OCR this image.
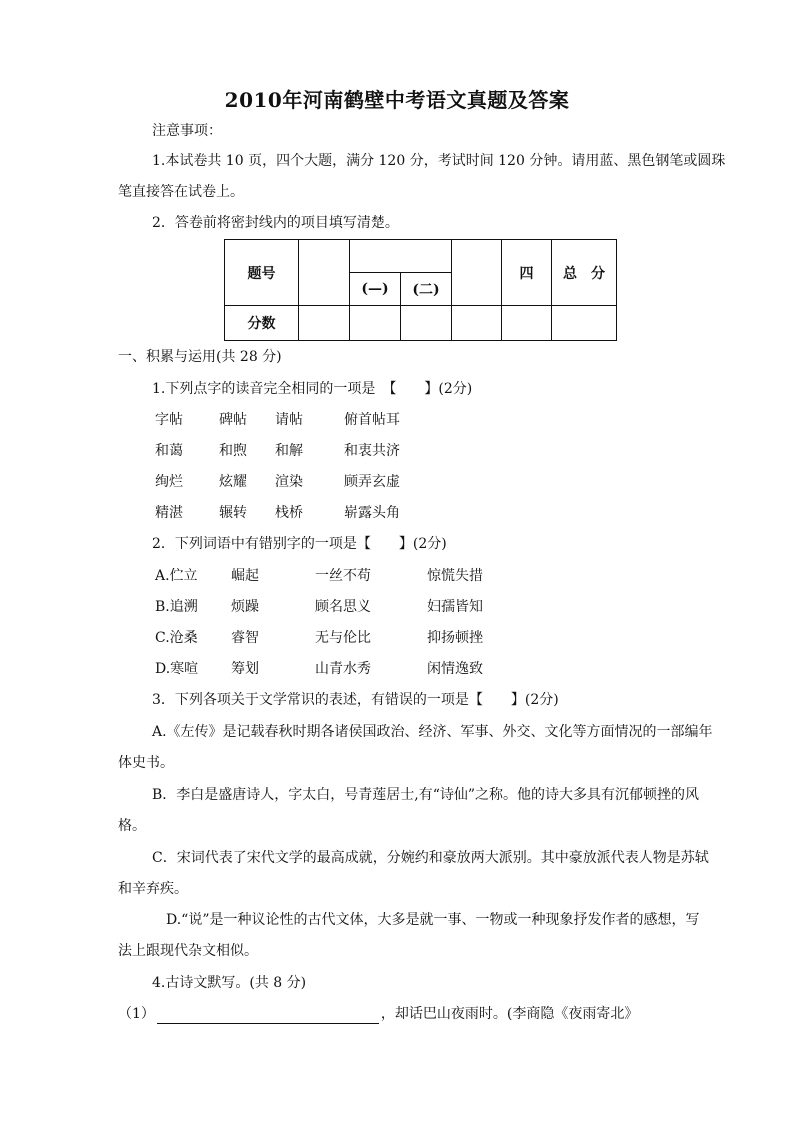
2010年河南鹤壁中考语文真题及答案
注意事项：
1.本试卷共 10 页，四个大题，满分 120 分，考试时间 120 分钟。请用蓝、黑色钢笔或圆珠
笔直接答在试卷上。
2．答卷前将密封线内的项目填写清楚。
题号					四	总　分
		(—)	(二)			
分数						
一、积累与运用(共 28 分)
1.下列点字的读音完全相同的一项是　【　　】(2分)
字帖	碑帖 请帖	俯首帖耳
和蔼	和煦 和解	和衷共济
绚烂	炫耀 渲染	顾弄玄虚
精湛	辗转 栈桥	崭露头角
2．下列词语中有错别字的一项是【　　】(2分)
A.伫立 崛起	一丝不苟	惊慌失措
B.追溯 烦躁	顾名思义	妇孺皆知
C.沧桑 睿智	无与伦比	抑扬顿挫
D.寒喧 筹划	山青水秀	闲情逸致
3．下列各项关于文学常识的表述，有错误的一项是【　　】(2分)
A.《左传》是记载春秋时期各诸侯国政治、经济、军事、外交、文化等方面情况的一部编年
体史书。
B．李白是盛唐诗人，字太白，号青莲居士,有“诗仙”之称。他的诗大多具有沉郁顿挫的风
格。
C．宋词代表了宋代文学的最高成就，分婉约和豪放两大派别。其中豪放派代表人物是苏轼
和辛弃疾。
D.“说”是一种议论性的古代文体，大多是就一事、一物或一种现象抒发作者的感想，写
法上跟现代杂文相似。
4.古诗文默写。(共 8 分)
（1）	，却话巴山夜雨时。(李商隐《夜雨寄北》
